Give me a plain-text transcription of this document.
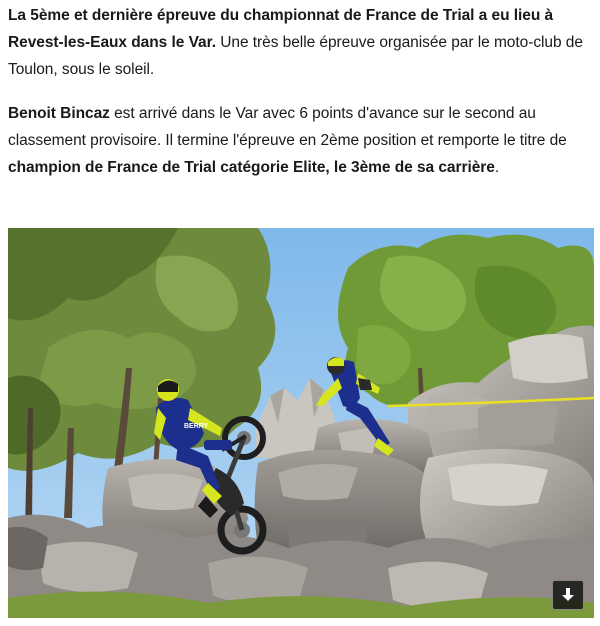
La 5ème et dernière épreuve du championnat de France de Trial a eu lieu à Revest-les-Eaux dans le Var. Une très belle épreuve organisée par le moto-club de Toulon, sous le soleil.

Benoit Bincaz est arrivé dans le Var avec 6 points d'avance sur le second au classement provisoire. Il termine l'épreuve en 2ème position et remporte le titre de champion de France de Trial catégorie Elite, le 3ème de sa carrière.

BERRY
